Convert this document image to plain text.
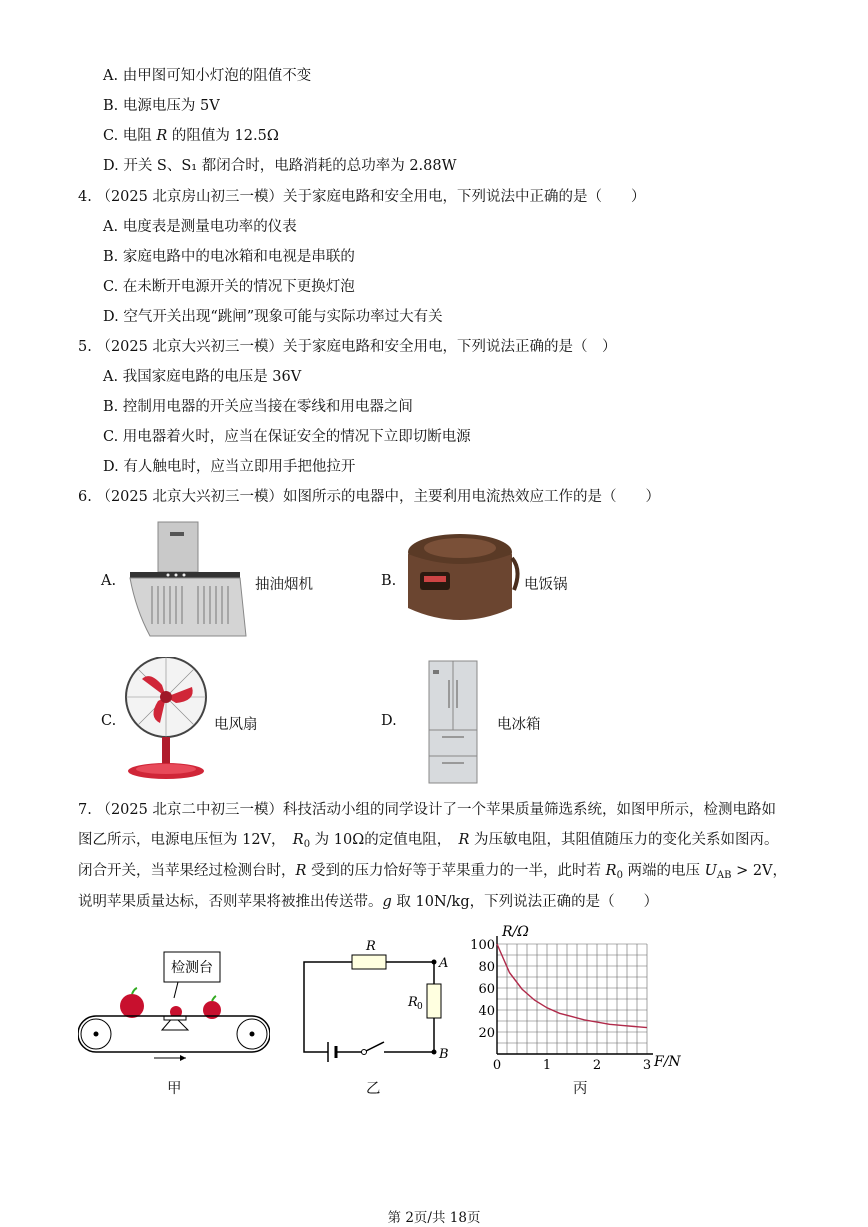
A. 由甲图可知小灯泡的阻值不变
B. 电源电压为 5V
C. 电阻 R 的阻值为 12.5Ω
D. 开关 S、S₁ 都闭合时，电路消耗的总功率为 2.88W
4. （2025 北京房山初三一模）关于家庭电路和安全用电，下列说法中正确的是（　　）
A. 电度表是测量电功率的仪表
B. 家庭电路中的电冰箱和电视是串联的
C. 在未断开电源开关的情况下更换灯泡
D. 空气开关出现“跳闸”现象可能与实际功率过大有关
5. （2025 北京大兴初三一模）关于家庭电路和安全用电，下列说法正确的是（　）
A. 我国家庭电路的电压是 36V
B. 控制用电器的开关应当接在零线和用电器之间
C. 用电器着火时，应当在保证安全的情况下立即切断电源
D. 有人触电时，应当立即用手把他拉开
6. （2025 北京大兴初三一模）如图所示的电器中，主要利用电流热效应工作的是（　　）
A.	抽油烟机	B.	电饭锅
C.	电风扇	D.	电冰箱
7. （2025 北京二中初三一模）科技活动小组的同学设计了一个苹果质量筛选系统，如图甲所示，检测电路如
图乙所示，电源电压恒为 12V，　$R_0$ 为 10Ω的定值电阻，　R 为压敏电阻，其阻值随压力的变化关系如图丙。
闭合开关，当苹果经过检测台时，R 受到的压力恰好等于苹果重力的一半，此时若 $R_0$ 两端的电压 $U_{AB} > 2V$，
说明苹果质量达标，否则苹果将被推出传送带。g 取 10N/kg，下列说法正确的是（　　）
检测台
甲
R
R 0
A
B
乙
0	1	2	3
20
40
60
80
100
R/Ω
F/N
丙
第 2页/共 18页
